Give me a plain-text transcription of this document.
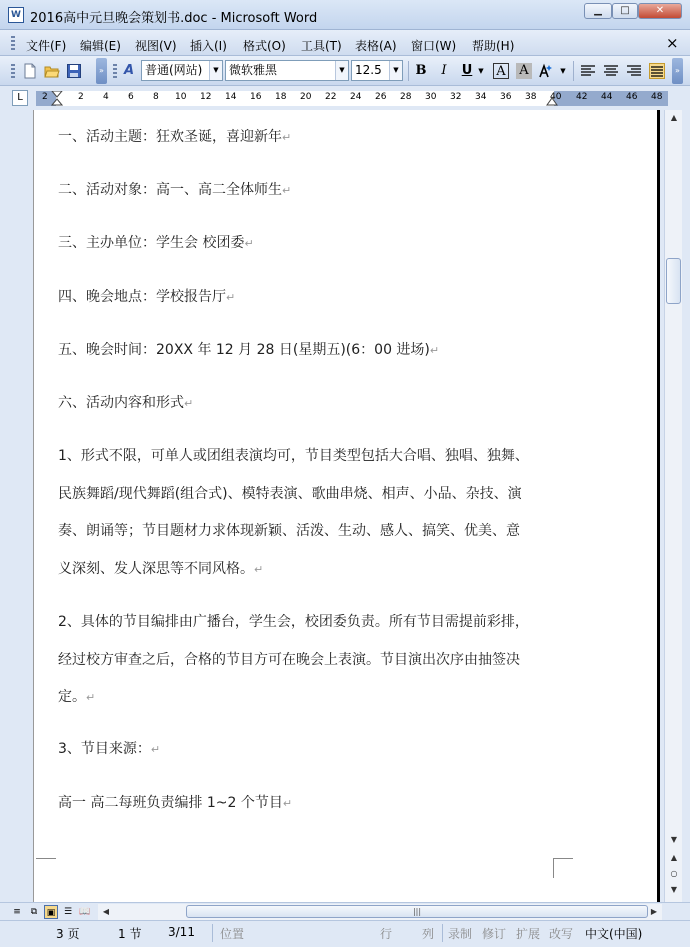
W 2016高中元旦晚会策划书.doc - Microsoft Word
▁	□	✕
文件(F) 编辑(E) 视图(V) 插入(I) 格式(O) 工具(T) 表格(A) 窗口(W) 帮助(H)	×
» A 普通(网站)	▼ 微软雅黑	▼ 12.5	▼ B	I	U ▼ A A	▼	»
L	2	2 4 6 8 10 12 14 16 18 20 22 24 26 28 30 32 34 36 38 40 42 44 46 48
一、活动主题：狂欢圣诞，喜迎新年↵
二、活动对象：高一、高二全体师生↵
三、主办单位：学生会 校团委↵
四、晚会地点：学校报告厅↵
五、晚会时间：20XX 年 12 月 28 日(星期五)(6：00 进场)↵
六、活动内容和形式↵
1、形式不限，可单人或团组表演均可，节目类型包括大合唱、独唱、独舞、
民族舞蹈/现代舞蹈(组合式)、模特表演、歌曲串烧、相声、小品、杂技、演
奏、朗诵等；节目题材力求体现新颖、活泼、生动、感人、搞笑、优美、意
义深刻、发人深思等不同风格。↵
2、具体的节目编排由广播台，学生会，校团委负责。所有节目需提前彩排，
经过校方审查之后，合格的节目方可在晚会上表演。节目演出次序由抽签决
定。↵
3、节目来源：↵
高一 高二每班负责编排 1~2 个节目↵
▲
▼
▲
○
▼
≡	⧉	▣ ☰ 📖	◀	|||	▶
3 页	1 节 3/11 位置	行 列 录制 修订 扩展 改写 中文(中国)
